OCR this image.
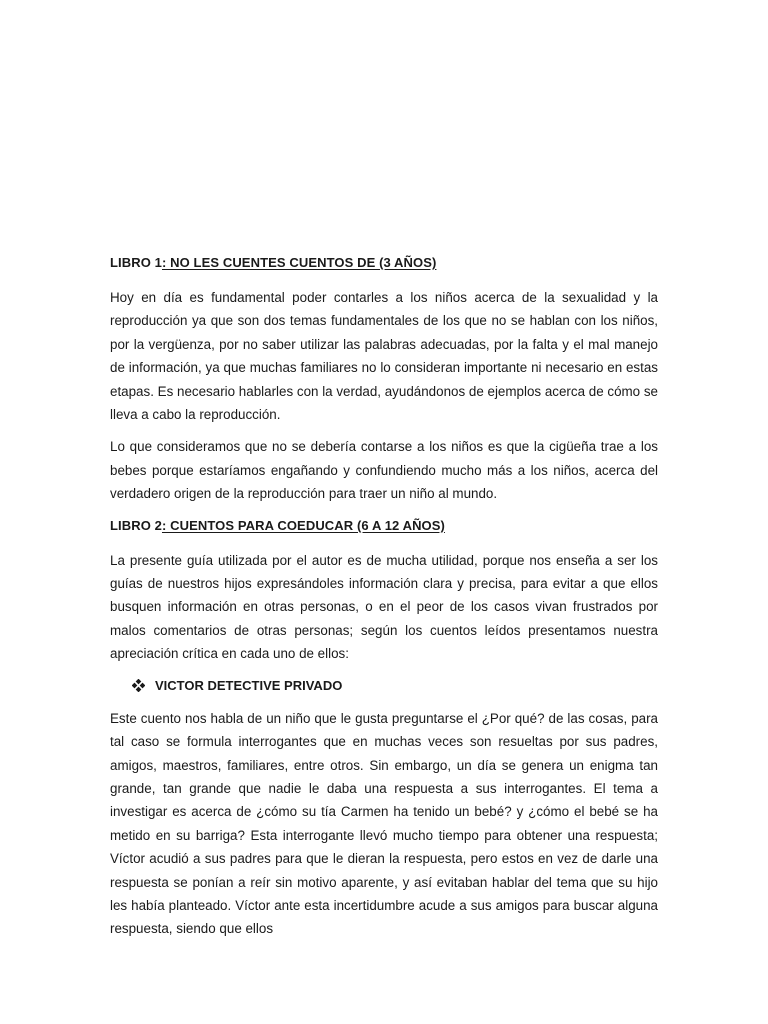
LIBRO 1: NO LES CUENTES CUENTOS DE (3 AÑOS)

Hoy en día es fundamental poder contarles a los niños acerca de la sexualidad y la reproducción ya que son dos temas fundamentales de los que no se hablan con los niños, por la vergüenza, por no saber utilizar las palabras adecuadas, por la falta y el mal manejo de información, ya que muchas familiares no lo consideran importante ni necesario en estas etapas. Es necesario hablarles con la verdad, ayudándonos de ejemplos acerca de cómo se lleva a cabo la reproducción.

Lo que consideramos que no se debería contarse a los niños es que la cigüeña trae a los bebes porque estaríamos engañando y confundiendo mucho más a los niños, acerca del verdadero origen de la reproducción para traer un niño al mundo.

LIBRO 2: CUENTOS PARA COEDUCAR (6 A 12 AÑOS)

La presente guía utilizada por el autor es de mucha utilidad, porque nos enseña a ser los guías de nuestros hijos expresándoles información clara y precisa, para evitar a que ellos busquen información en otras personas, o en el peor de los casos vivan frustrados por malos comentarios de otras personas; según los cuentos leídos presentamos nuestra apreciación crítica en cada uno de ellos:

VICTOR DETECTIVE PRIVADO

Este cuento nos habla de un niño que le gusta preguntarse el ¿Por qué? de las cosas, para tal caso se formula interrogantes que en muchas veces son resueltas por sus padres, amigos, maestros, familiares, entre otros. Sin embargo, un día se genera un enigma tan grande, tan grande que nadie le daba una respuesta a sus interrogantes. El tema a investigar es acerca de ¿cómo su tía Carmen ha tenido un bebé? y ¿cómo el bebé se ha metido en su barriga? Esta interrogante llevó mucho tiempo para obtener una respuesta; Víctor acudió a sus padres para que le dieran la respuesta, pero estos en vez de darle una respuesta se ponían a reír sin motivo aparente, y así evitaban hablar del tema que su hijo les había planteado. Víctor ante esta incertidumbre acude a sus amigos para buscar alguna respuesta, siendo que ellos
